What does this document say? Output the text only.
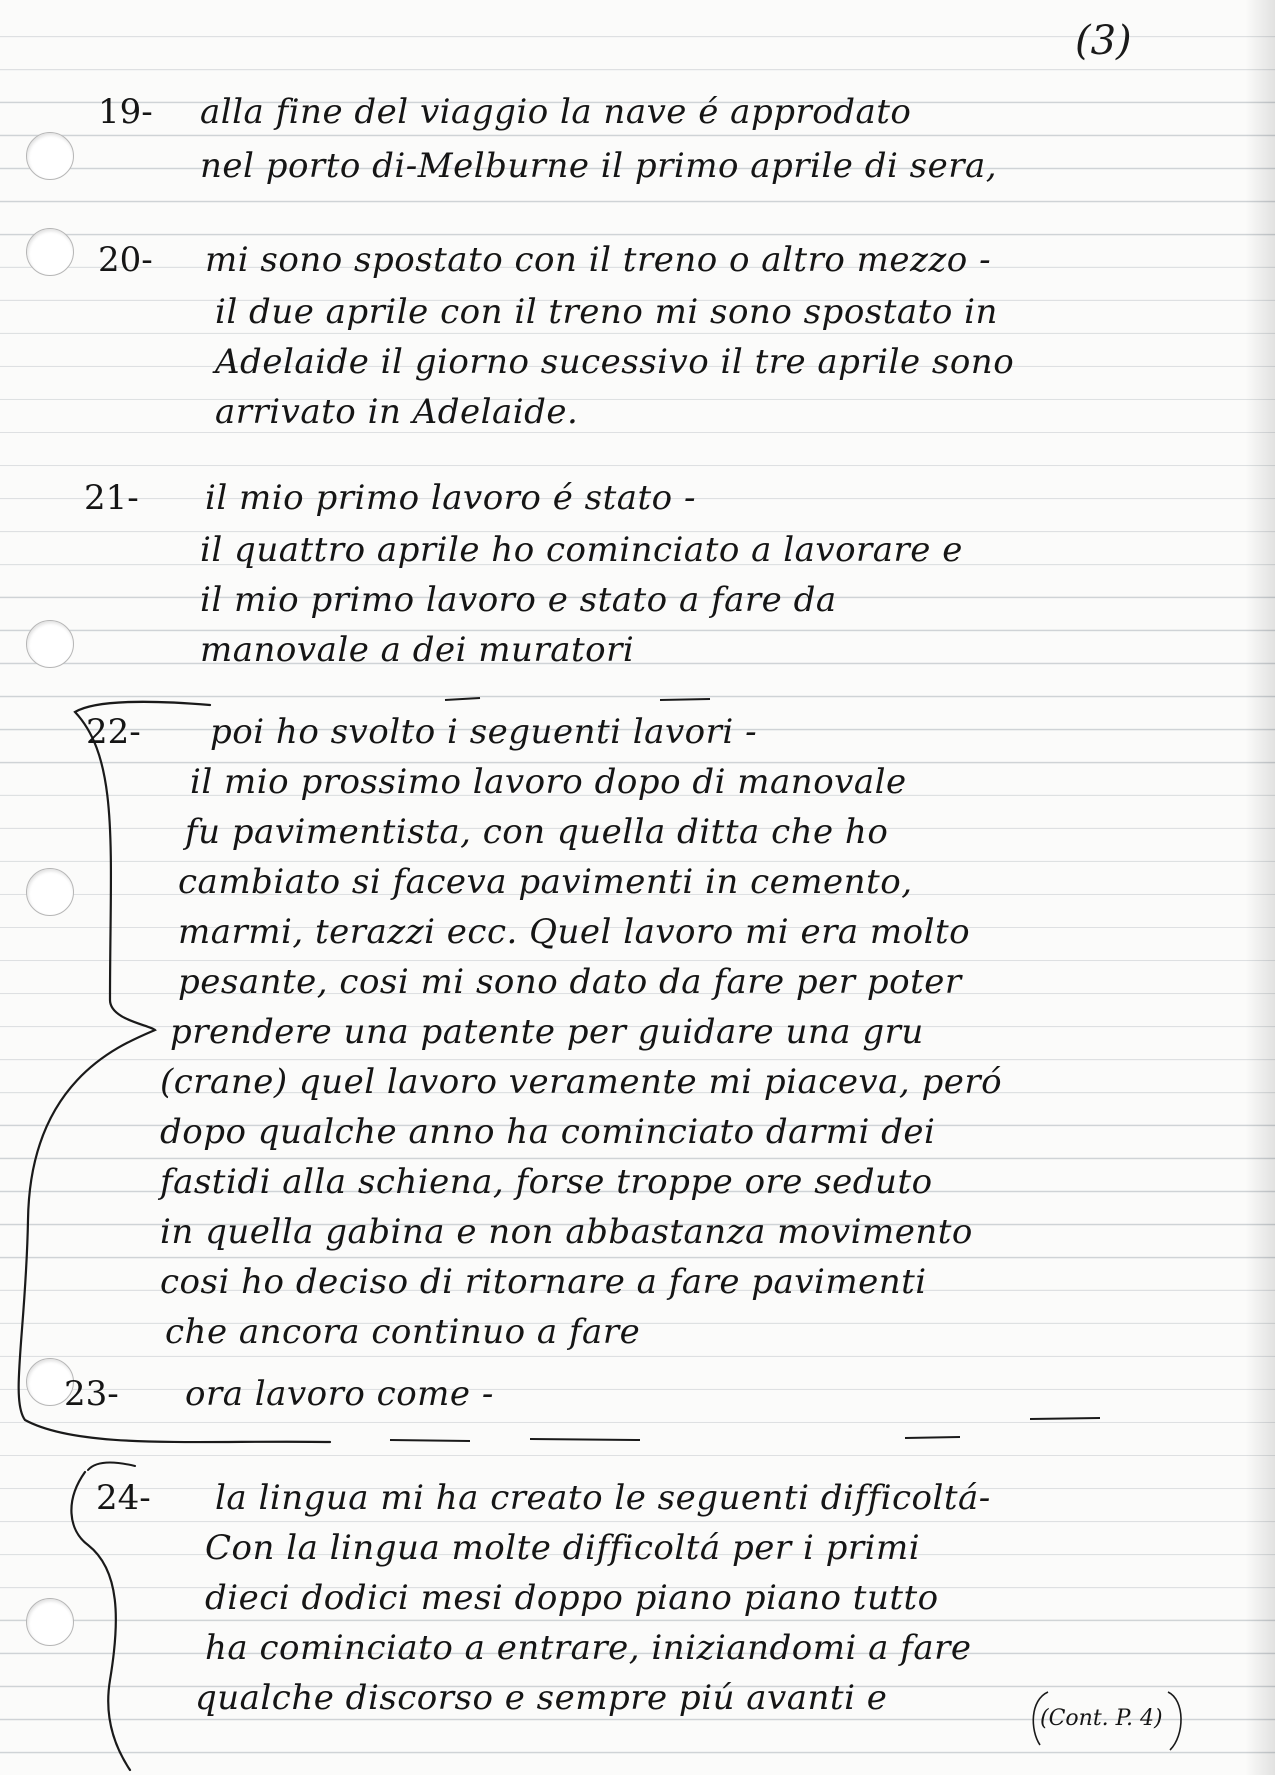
(3)
19- alla fine del viaggio la nave é approdato
nel porto di-Melburne il primo aprile di sera,
20- mi sono spostato con il treno o altro mezzo -
il due aprile con il treno mi sono spostato in
Adelaide il giorno sucessivo il tre aprile sono
arrivato in Adelaide.
21- il mio primo lavoro é stato -
il quattro aprile ho cominciato a lavorare e
il mio primo lavoro e stato a fare da
manovale a dei muratori
22- poi ho svolto i seguenti lavori -
il mio prossimo lavoro dopo di manovale
fu pavimentista, con quella ditta che ho
cambiato si faceva pavimenti in cemento,
marmi, terazzi ecc. Quel lavoro mi era molto
pesante, cosi mi sono dato da fare per poter
prendere una patente per guidare una gru
(crane) quel lavoro veramente mi piaceva, peró
dopo qualche anno ha cominciato darmi dei
fastidi alla schiena, forse troppe ore seduto
in quella gabina e non abbastanza movimento
cosi ho deciso di ritornare a fare pavimenti
che ancora continuo a fare
23- ora lavoro come -
24- la lingua mi ha creato le seguenti difficoltá-
Con la lingua molte difficoltá per i primi
dieci dodici mesi doppo piano piano tutto
ha cominciato a entrare, iniziandomi a fare
qualche discorso e sempre piú avanti e
(Cont. P. 4)
